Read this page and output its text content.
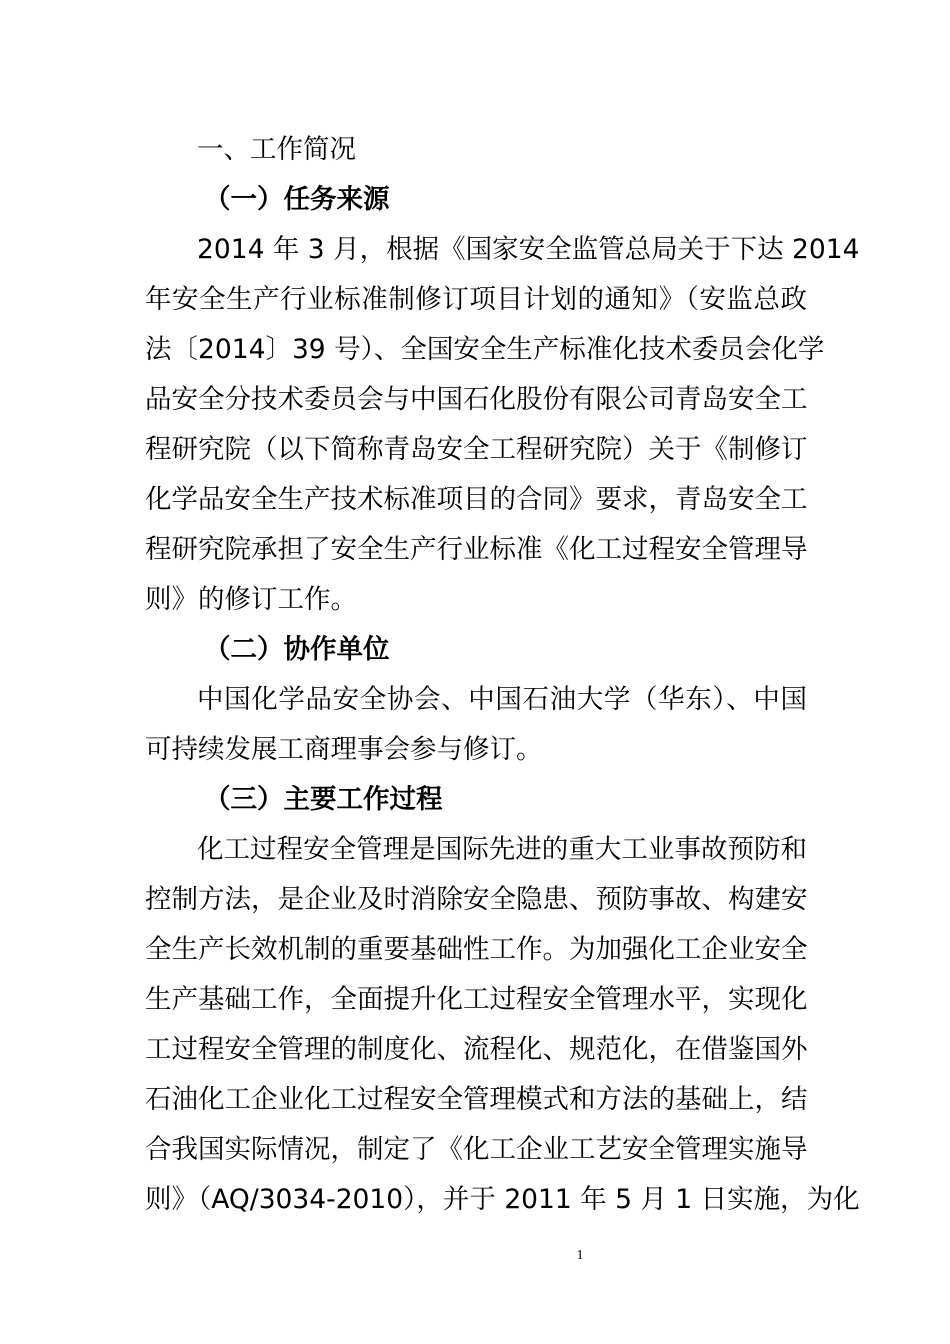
一、工作简况
（一）任务来源
2014 年 3 月，根据《国家安全监管总局关于下达 2014
年安全生产行业标准制修订项目计划的通知》（安监总政
法〔2014〕39 号）、全国安全生产标准化技术委员会化学
品安全分技术委员会与中国石化股份有限公司青岛安全工
程研究院（以下简称青岛安全工程研究院）关于《制修订
化学品安全生产技术标准项目的合同》要求，青岛安全工
程研究院承担了安全生产行业标准《化工过程安全管理导
则》的修订工作。
（二）协作单位
中国化学品安全协会、中国石油大学（华东）、中国
可持续发展工商理事会参与修订。
（三）主要工作过程
化工过程安全管理是国际先进的重大工业事故预防和
控制方法，是企业及时消除安全隐患、预防事故、构建安
全生产长效机制的重要基础性工作。为加强化工企业安全
生产基础工作，全面提升化工过程安全管理水平，实现化
工过程安全管理的制度化、流程化、规范化，在借鉴国外
石油化工企业化工过程安全管理模式和方法的基础上，结
合我国实际情况，制定了《化工企业工艺安全管理实施导
则》（AQ/3034-2010），并于 2011 年 5 月 1 日实施，为化
1
